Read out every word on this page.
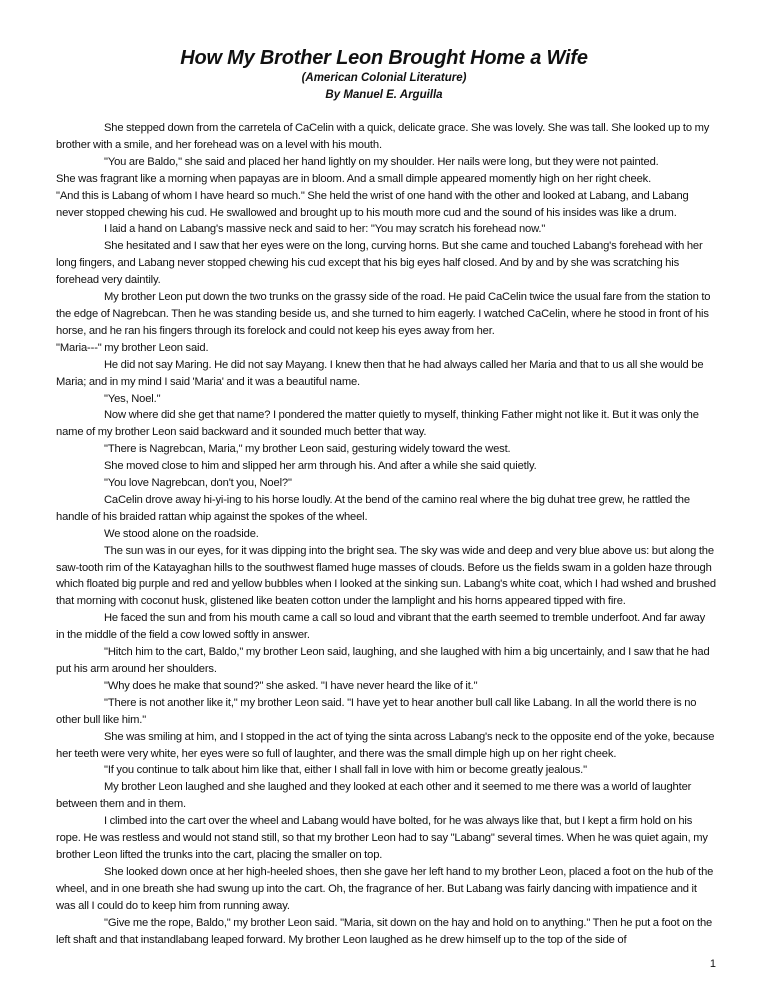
How My Brother Leon Brought Home a Wife
(American Colonial Literature)
By Manuel E. Arguilla

She stepped down from the carretela of CaCelin with a quick, delicate grace. She was lovely. She was tall. She looked up to my brother with a smile, and her forehead was on a level with his mouth.

"You are Baldo," she said and placed her hand lightly on my shoulder. Her nails were long, but they were not painted.

She was fragrant like a morning when papayas are in bloom. And a small dimple appeared momently high on her right cheek.

"And this is Labang of whom I have heard so much." She held the wrist of one hand with the other and looked at Labang, and Labang never stopped chewing his cud. He swallowed and brought up to his mouth more cud and the sound of his insides was like a drum.

I laid a hand on Labang's massive neck and said to her: "You may scratch his forehead now."

She hesitated and I saw that her eyes were on the long, curving horns. But she came and touched Labang's forehead with her long fingers, and Labang never stopped chewing his cud except that his big eyes half closed. And by and by she was scratching his forehead very daintily.

My brother Leon put down the two trunks on the grassy side of the road. He paid CaCelin twice the usual fare from the station to the edge of Nagrebcan. Then he was standing beside us, and she turned to him eagerly. I watched CaCelin, where he stood in front of his horse, and he ran his fingers through its forelock and could not keep his eyes away from her.

"Maria---" my brother Leon said.

He did not say Maring. He did not say Mayang. I knew then that he had always called her Maria and that to us all she would be Maria; and in my mind I said 'Maria' and it was a beautiful name.

"Yes, Noel."

Now where did she get that name? I pondered the matter quietly to myself, thinking Father might not like it. But it was only the name of my brother Leon said backward and it sounded much better that way.

"There is Nagrebcan, Maria," my brother Leon said, gesturing widely toward the west.

She moved close to him and slipped her arm through his. And after a while she said quietly.

"You love Nagrebcan, don't you, Noel?"

CaCelin drove away hi-yi-ing to his horse loudly. At the bend of the camino real where the big duhat tree grew, he rattled the handle of his braided rattan whip against the spokes of the wheel.

We stood alone on the roadside.

The sun was in our eyes, for it was dipping into the bright sea. The sky was wide and deep and very blue above us: but along the saw-tooth rim of the Katayaghan hills to the southwest flamed huge masses of clouds. Before us the fields swam in a golden haze through which floated big purple and red and yellow bubbles when I looked at the sinking sun. Labang's white coat, which I had wshed and brushed that morning with coconut husk, glistened like beaten cotton under the lamplight and his horns appeared tipped with fire.

He faced the sun and from his mouth came a call so loud and vibrant that the earth seemed to tremble underfoot. And far away in the middle of the field a cow lowed softly in answer.

"Hitch him to the cart, Baldo," my brother Leon said, laughing, and she laughed with him a big uncertainly, and I saw that he had put his arm around her shoulders.

"Why does he make that sound?" she asked. "I have never heard the like of it."

"There is not another like it," my brother Leon said. "I have yet to hear another bull call like Labang. In all the world there is no other bull like him."

She was smiling at him, and I stopped in the act of tying the sinta across Labang's neck to the opposite end of the yoke, because her teeth were very white, her eyes were so full of laughter, and there was the small dimple high up on her right cheek.

"If you continue to talk about him like that, either I shall fall in love with him or become greatly jealous."

My brother Leon laughed and she laughed and they looked at each other and it seemed to me there was a world of laughter between them and in them.

I climbed into the cart over the wheel and Labang would have bolted, for he was always like that, but I kept a firm hold on his rope. He was restless and would not stand still, so that my brother Leon had to say "Labang" several times. When he was quiet again, my brother Leon lifted the trunks into the cart, placing the smaller on top.

She looked down once at her high-heeled shoes, then she gave her left hand to my brother Leon, placed a foot on the hub of the wheel, and in one breath she had swung up into the cart. Oh, the fragrance of her. But Labang was fairly dancing with impatience and it was all I could do to keep him from running away.

"Give me the rope, Baldo," my brother Leon said. "Maria, sit down on the hay and hold on to anything." Then he put a foot on the left shaft and that instandlabang leaped forward. My brother Leon laughed as he drew himself up to the top of the side of

1
